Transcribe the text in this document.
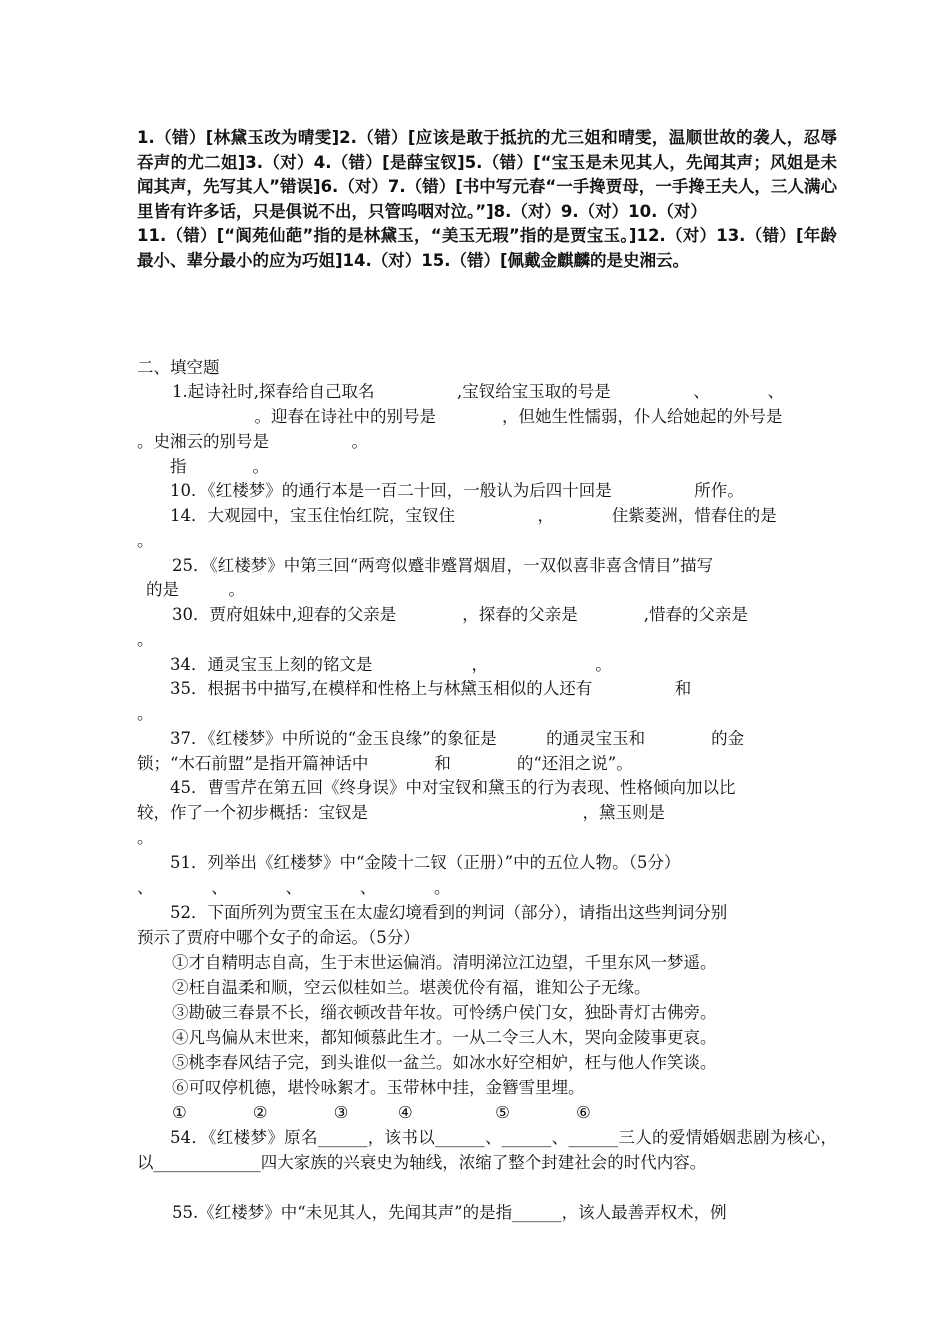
1.（错）[林黛玉改为晴雯]2.（错）[应该是敢于抵抗的尤三姐和晴雯，温顺世故的袭人，忍辱吞声的尤二姐]3.（对）4.（错）[是薛宝钗]5.（错）[“宝玉是未见其人，先闻其声；风姐是未闻其声，先写其人”错误]6.（对）7.（错）[书中写元春“一手搀贾母，一手搀王夫人，三人满心里皆有许多话，只是俱说不出，只管呜咽对泣。”]8.（对）9.（对）10.（对）

11.（错）[“阆苑仙葩”指的是林黛玉，“美玉无瑕”指的是贾宝玉。]12.（对）13.（错）[年龄最小、辈分最小的应为巧姐]14.（对）15.（错）[佩戴金麒麟的是史湘云。

二、填空题

1.起诗社时,探春给自己取名　　　　　,宝钗给宝玉取的号是　　　　　、　　　　、

　　　。迎春在诗社中的别号是　　　　，但她生性懦弱，仆人给她起的外号是

。史湘云的别号是　　　　　。

指　　　　。

10．《红楼梦》的通行本是一百二十回，一般认为后四十回是　　　　　所作。

14．大观园中，宝玉住怡红院，宝钗住　　　　　，　　　　住紫菱洲，惜春住的是

。

25．《红楼梦》中第三回“两弯似蹙非蹙罥烟眉，一双似喜非喜含情目”描写

的是　　　。

30．贾府姐妹中,迎春的父亲是　　　　，探春的父亲是　　　　,惜春的父亲是

。

34．通灵宝玉上刻的铭文是　　　　　　，　　　　　　　。

35．根据书中描写,在模样和性格上与林黛玉相似的人还有　　　　　和

。

37．《红楼梦》中所说的“金玉良缘”的象征是　　　的通灵宝玉和　　　　的金

锁；“木石前盟”是指开篇神话中　　　　和　　　　的“还泪之说”。

45．曹雪芹在第五回《终身误》中对宝钗和黛玉的行为表现、性格倾向加以比

较，作了一个初步概括：宝钗是　　　　　　　　　　　　　，黛玉则是

。

51．列举出《红楼梦》中“金陵十二钗（正册）”中的五位人物。（5分）

、　　　　、　　　　、　　　　、　　　　。

52．下面所列为贾宝玉在太虚幻境看到的判词（部分），请指出这些判词分别

预示了贾府中哪个女子的命运。（5分）

①才自精明志自高，生于末世运偏消。清明涕泣江边望，千里东风一梦遥。

②枉自温柔和顺，空云似桂如兰。堪羡优伶有福，谁知公子无缘。

③勘破三春景不长，缁衣顿改昔年妆。可怜绣户侯门女，独卧青灯古佛旁。

④凡鸟偏从末世来，都知倾慕此生才。一从二令三人木，哭向金陵事更哀。

⑤桃李春风结子完，到头谁似一盆兰。如冰水好空相妒，枉与他人作笑谈。

⑥可叹停机德，堪怜咏絮才。玉带林中挂，金簪雪里埋。

①　　　　②　　　　③　　　④　　　　　⑤　　　　⑥

54．《红楼梦》原名______，该书以______、______、______三人的爱情婚姻悲剧为核心，以_____________四大家族的兴衰史为轴线，浓缩了整个封建社会的时代内容。

55.《红楼梦》中“未见其人，先闻其声”的是指______，该人最善弄权术，例
